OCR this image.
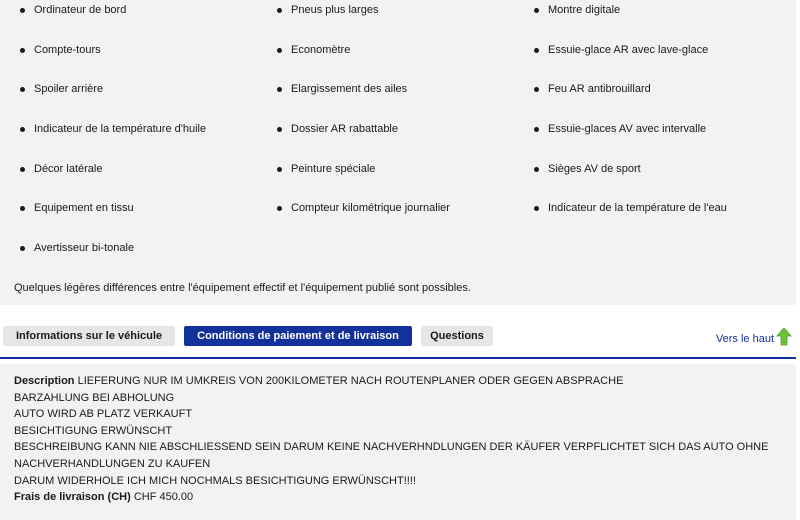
Ordinateur de bord	Pneus plus larges	Montre digitale
Compte-tours	Economètre	Essuie-glace AR avec lave-glace
Spoiler arrière	Elargissement des ailes	Feu AR antibrouillard
Indicateur de la température d'huile	Dossier AR rabattable	Essuie-glaces AV avec intervalle
Décor latérale	Peinture spéciale	Sièges AV de sport
Equipement en tissu	Compteur kilométrique journalier	Indicateur de la température de l'eau
Avertisseur bi-tonale
Quelques légères différences entre l'équipement effectif et l'équipement publié sont possibles.
Informations sur le véhicule	Conditions de paiement et de livraison	Questions	Vers le haut
Description LIEFERUNG NUR IM UMKREIS VON 200KILOMETER NACH ROUTENPLANER ODER GEGEN ABSPRACHE
BARZAHLUNG BEI ABHOLUNG
AUTO WIRD AB PLATZ VERKAUFT
BESICHTIGUNG ERWÜNSCHT
BESCHREIBUNG KANN NIE ABSCHLIESSEND SEIN DARUM KEINE NACHVERHNDLUNGEN DER KÄUFER VERPFLICHTET SICH DAS AUTO OHNE
NACHVERHANDLUNGEN ZU KAUFEN
DARUM WIDERHOLE ICH MICH NOCHMALS BESICHTIGUNG ERWÜNSCHT!!!!
Frais de livraison (CH) CHF 450.00
